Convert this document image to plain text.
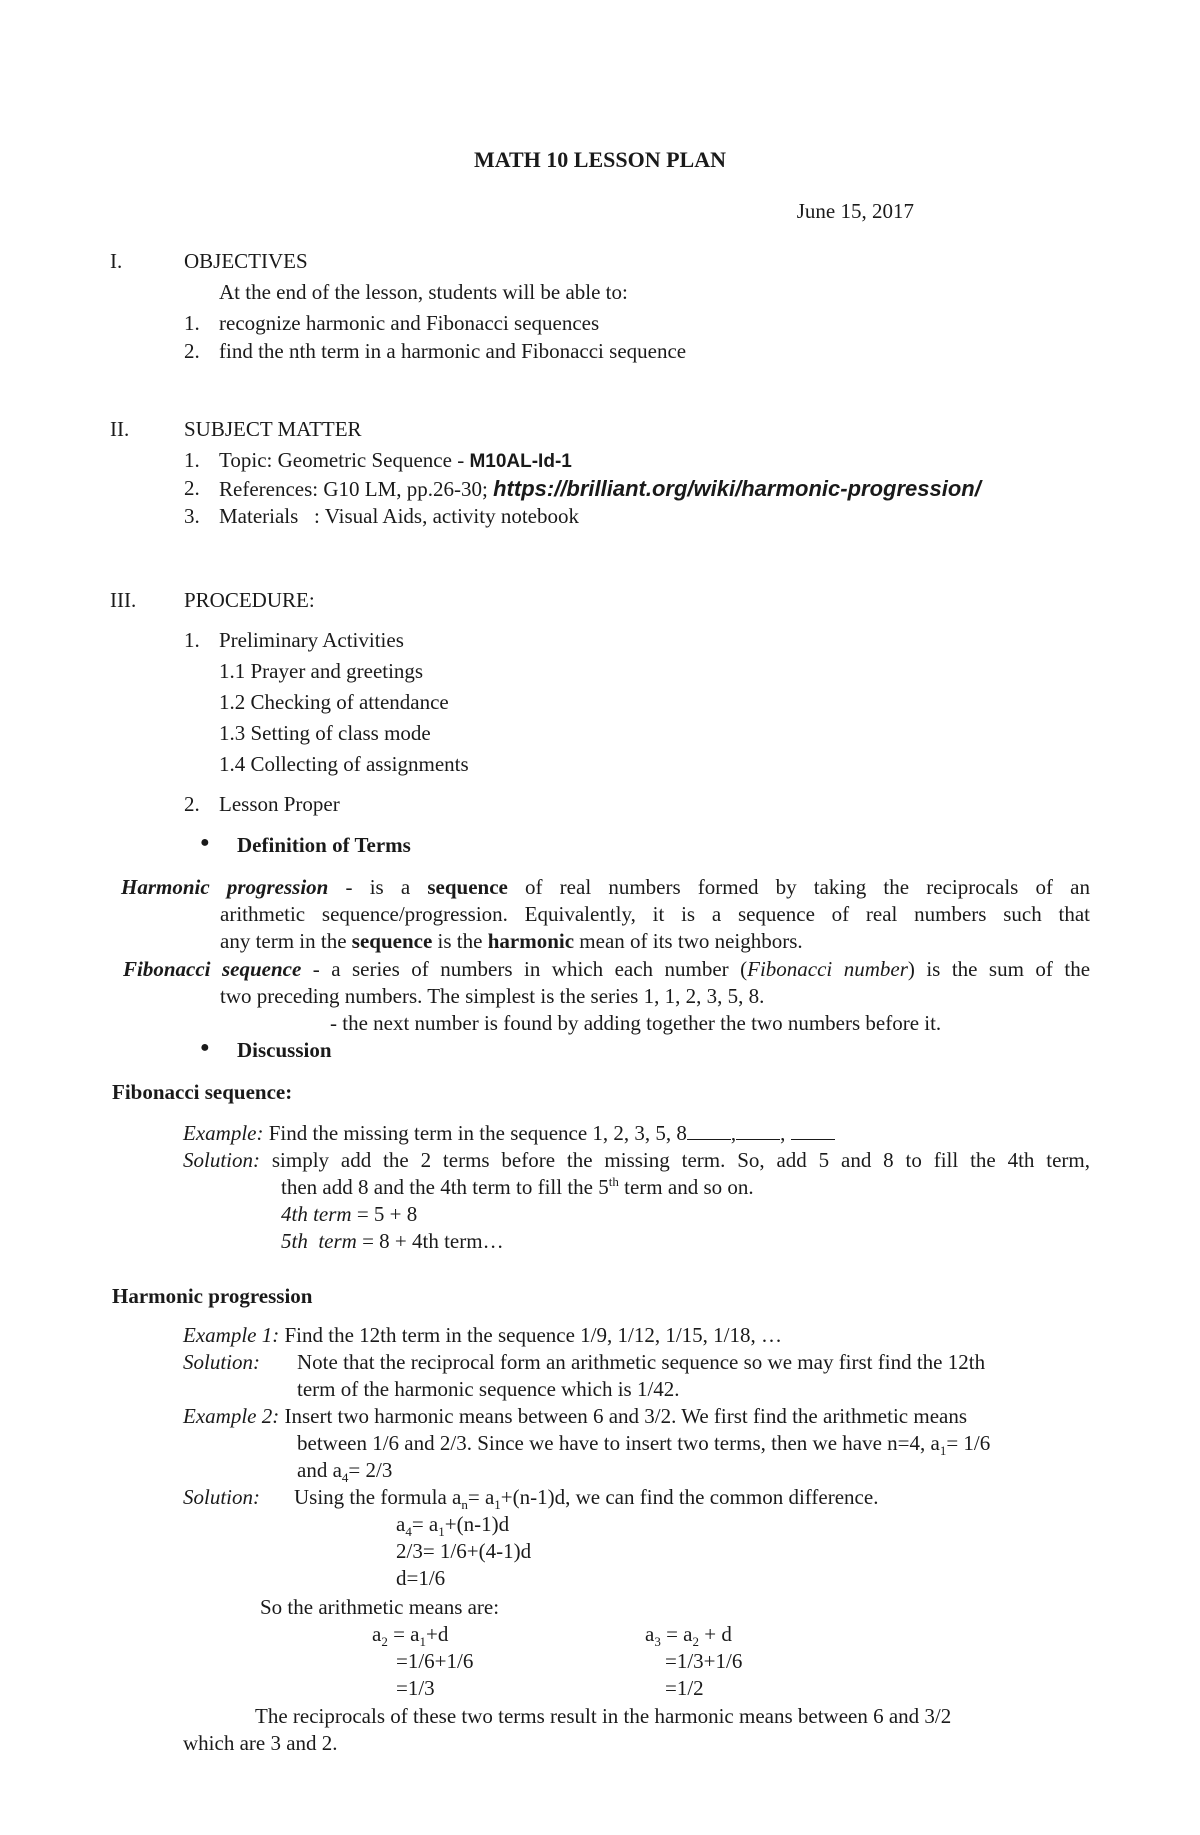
MATH 10 LESSON PLAN
June 15, 2017
I.	OBJECTIVES
At the end of the lesson, students will be able to:
1. recognize harmonic and Fibonacci sequences
2. find the nth term in a harmonic and Fibonacci sequence
II.	SUBJECT MATTER
1. Topic: Geometric Sequence - M10AL-Id-1
2. References: G10 LM, pp.26-30; https://brilliant.org/wiki/harmonic-progression/
3. Materials   : Visual Aids, activity notebook
III. PROCEDURE:
1. Preliminary Activities
1.1 Prayer and greetings
1.2 Checking of attendance
1.3 Setting of class mode
1.4 Collecting of assignments
2. Lesson Proper
● Definition of Terms
Harmonic progression - is a sequence of real numbers formed by taking the reciprocals of an
arithmetic sequence/progression. Equivalently, it is a sequence of real numbers such that
any term in the sequence is the harmonic mean of its two neighbors.
Fibonacci sequence - a series of numbers in which each number (Fibonacci number) is the sum of the
two preceding numbers. The simplest is the series 1, 1, 2, 3, 5, 8.
- the next number is found by adding together the two numbers before it.
● Discussion
Fibonacci sequence:
Example: Find the missing term in the sequence 1, 2, 3, 5, 8 , ,
Solution: simply add the 2 terms before the missing term. So, add 5 and 8 to fill the 4th term,
then add 8 and the 4th term to fill the 5th term and so on.
4th term = 5 + 8
5th  term = 8 + 4th term…
Harmonic progression
Example 1: Find the 12th term in the sequence 1/9, 1/12, 1/15, 1/18, …
Solution: Note that the reciprocal form an arithmetic sequence so we may first find the 12th
term of the harmonic sequence which is 1/42.
Example 2: Insert two harmonic means between 6 and 3/2. We first find the arithmetic means
between 1/6 and 2/3. Since we have to insert two terms, then we have n=4, $a_1= 1/6$
and $a_4= 2/3$
Solution: Using the formula $a_n= a_1+(n-1)d$, we can find the common difference.
$a_4= a_1+(n-1)d$
2/3= 1/6+(4-1)d
d=1/6
So the arithmetic means are:
$a_2 = a_1+d$
=1/6+1/6
=1/3
$a_3 = a_2 + d$
=1/3+1/6
=1/2
The reciprocals of these two terms result in the harmonic means between 6 and 3/2
which are 3 and 2.
